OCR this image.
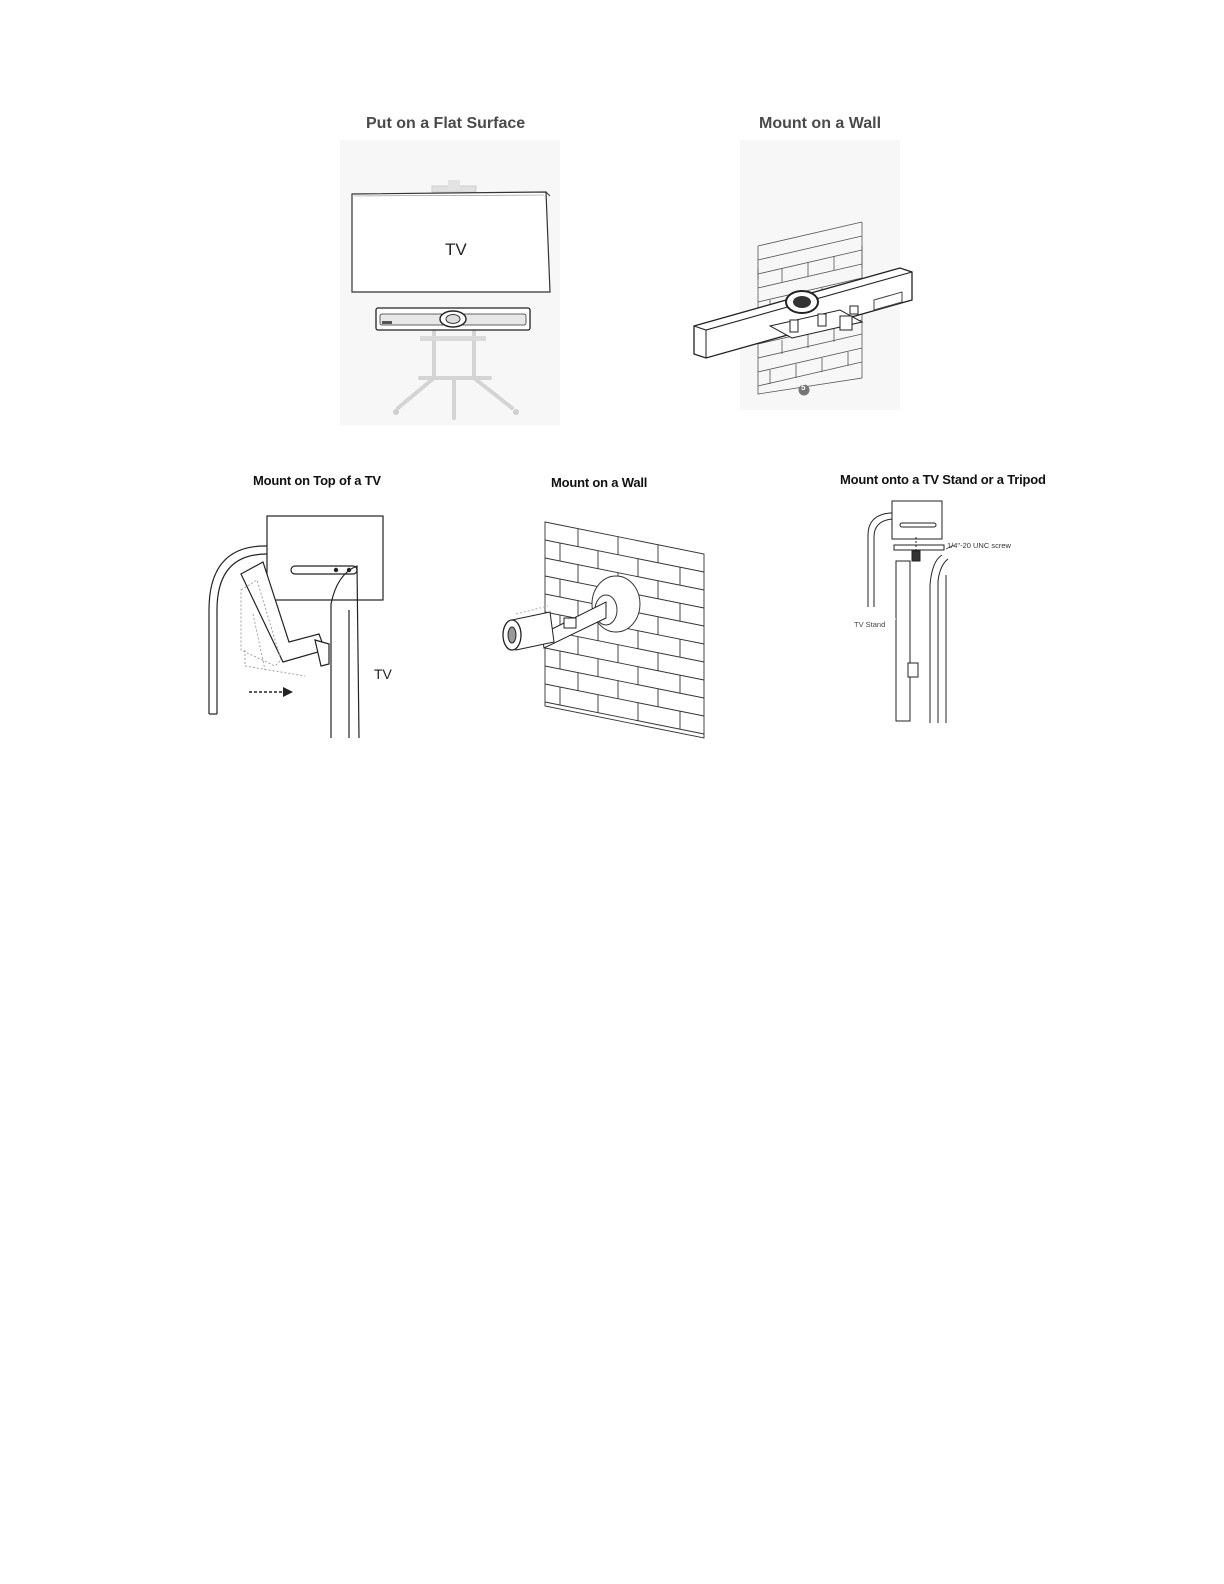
Put on a Flat Surface
TV
Mount on a Wall
5
Mount on Top of a TV
TV
Mount on a Wall	Mount onto a TV Stand or a Tripod
1/4"-20 UNC screw
TV Stand
